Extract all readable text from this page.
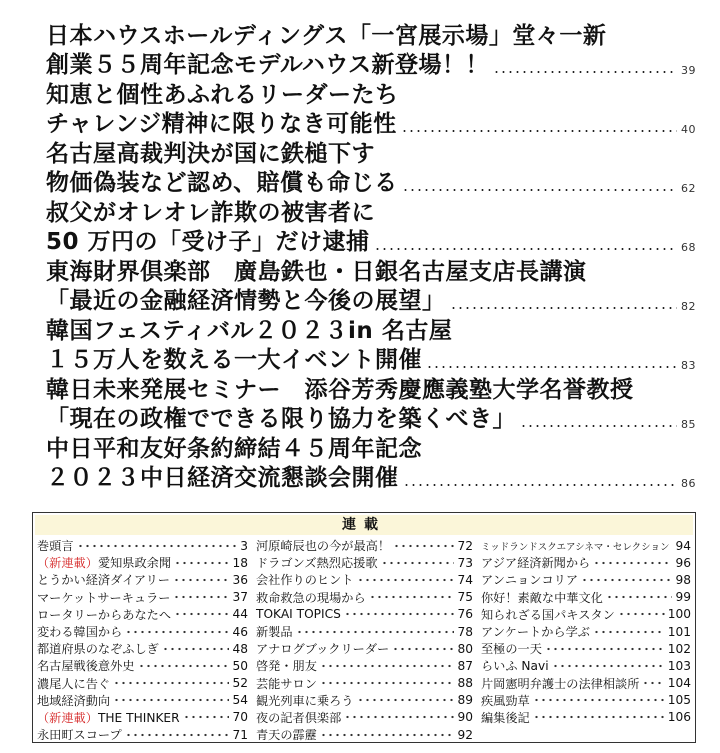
日本ハウスホールディングス「一宮展示場」堂々一新
創業５５周年記念モデルハウス新登場！！	39
知恵と個性あふれるリーダーたち
チャレンジ精神に限りなき可能性	40
名古屋高裁判決が国に鉄槌下す
物価偽装など認め、賠償も命じる	62
叔父がオレオレ詐欺の被害者に
50 万円の「受け子」だけ逮捕	68
東海財界倶楽部　廣島鉄也・日銀名古屋支店長講演
「最近の金融経済情勢と今後の展望」	82
韓国フェスティバル２０２３in 名古屋
１５万人を数える一大イベント開催	83
韓日未来発展セミナー　添谷芳秀慶應義塾大学名誉教授
「現在の政権でできる限り協力を築くべき」	85
中日平和友好条約締結４５周年記念
２０２３中日経済交流懇談会開催	86
連載
巻頭言	3
（新連載）愛知県政余聞	18
とうかい経済ダイアリー	36
マーケットサーキュラー	37
ロータリーからあなたへ	44
変わる韓国から	46
都道府県のなぞふしぎ	48
名古屋戦後意外史	50
濃尾人に告ぐ	52
地域経済動向	54
（新連載）THE THINKER	70
永田町スコープ	71
河原崎辰也の今が最高！	72
ドラゴンズ熱烈応援歌	73
会社作りのヒント	74
救命救急の現場から	75
TOKAI TOPICS	76
新製品	78
アナログブックリーダー	80
啓発・朋友	87
芸能サロン	88
観光列車に乗ろう	89
夜の記者倶楽部	90
青天の霹靂	92
ミッドランドスクエアシネマ・セレクション 94
アジア経済新聞から	96
アンニョンコリア	98
你好！素敵な中華文化	99
知られざる国パキスタン	100
アンケートから学ぶ	101
至極の一天	102
らいふ Navi	103
片岡憲明弁護士の法律相談所 104
疾風勁草	105
編集後記	106
